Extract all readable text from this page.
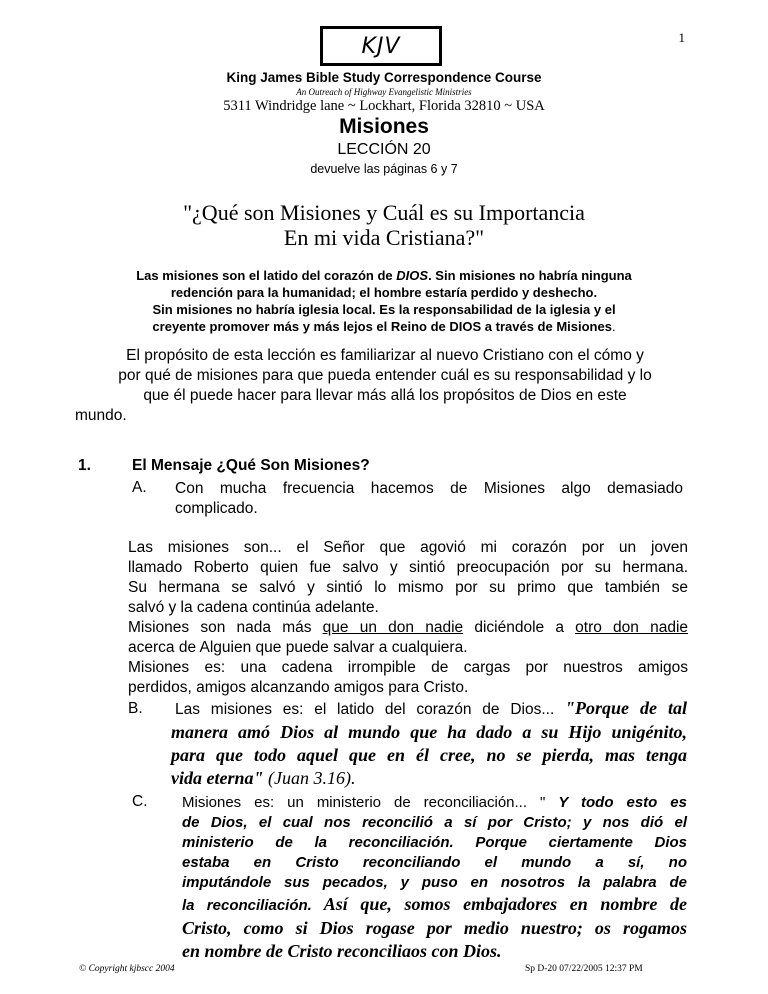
1
KJV
King James Bible Study Correspondence Course
An Outreach of Highway Evangelistic Ministries
5311 Windridge lane ~ Lockhart, Florida 32810 ~ USA
Misiones
LECCIÓN 20
devuelve las páginas 6 y 7
"¿Qué son Misiones y Cuál es su Importancia
En mi vida Cristiana?"
Las misiones son el latido del corazón de DIOS. Sin misiones no habría ninguna
redención para la humanidad; el hombre estaría perdido y deshecho.
Sin misiones no habría iglesia local. Es la responsabilidad de la iglesia y el
creyente promover más y más lejos el Reino de DIOS a través de Misiones.
El propósito de esta lección es familiarizar al nuevo Cristiano con el cómo y
por qué de misiones para que pueda entender cuál es su responsabilidad y lo
que él puede hacer para llevar más allá los propósitos de Dios en este
mundo.
1.	El Mensaje ¿Qué Son Misiones?
A. Con mucha frecuencia hacemos de Misiones algo demasiado
complicado.
Las misiones son... el Señor que agovió mi corazón por un joven
llamado Roberto quien fue salvo y sintió preocupación por su hermana.
Su hermana se salvó y sintió lo mismo por su primo que también se
salvó y la cadena continúa adelante.
Misiones son nada más que un don nadie diciéndole a otro don nadie
acerca de Alguien que puede salvar a cualquiera.
Misiones es: una cadena irrompible de cargas por nuestros amigos
perdidos, amigos alcanzando amigos para Cristo.
B. Las misiones es: el latido del corazón de Dios... "Porque de tal
manera amó Dios al mundo que ha dado a su Hijo unigénito,
para que todo aquel que en él cree, no se pierda, mas tenga
vida eterna" (Juan 3.16).
C. Misiones es: un ministerio de reconciliación... " Y todo esto es
de Dios, el cual nos reconcilió a sí por Cristo; y nos dió el
ministerio de la reconciliación. Porque ciertamente Dios
estaba en Cristo reconciliando el mundo a sí, no
imputándole sus pecados, y puso en nosotros la palabra de
la reconciliación. Así que, somos embajadores en nombre de
Cristo, como si Dios rogase por medio nuestro; os rogamos
en nombre de Cristo reconciliaos con Dios.
© Copyright kjbscc 2004	Sp D-20 07/22/2005 12:37 PM
